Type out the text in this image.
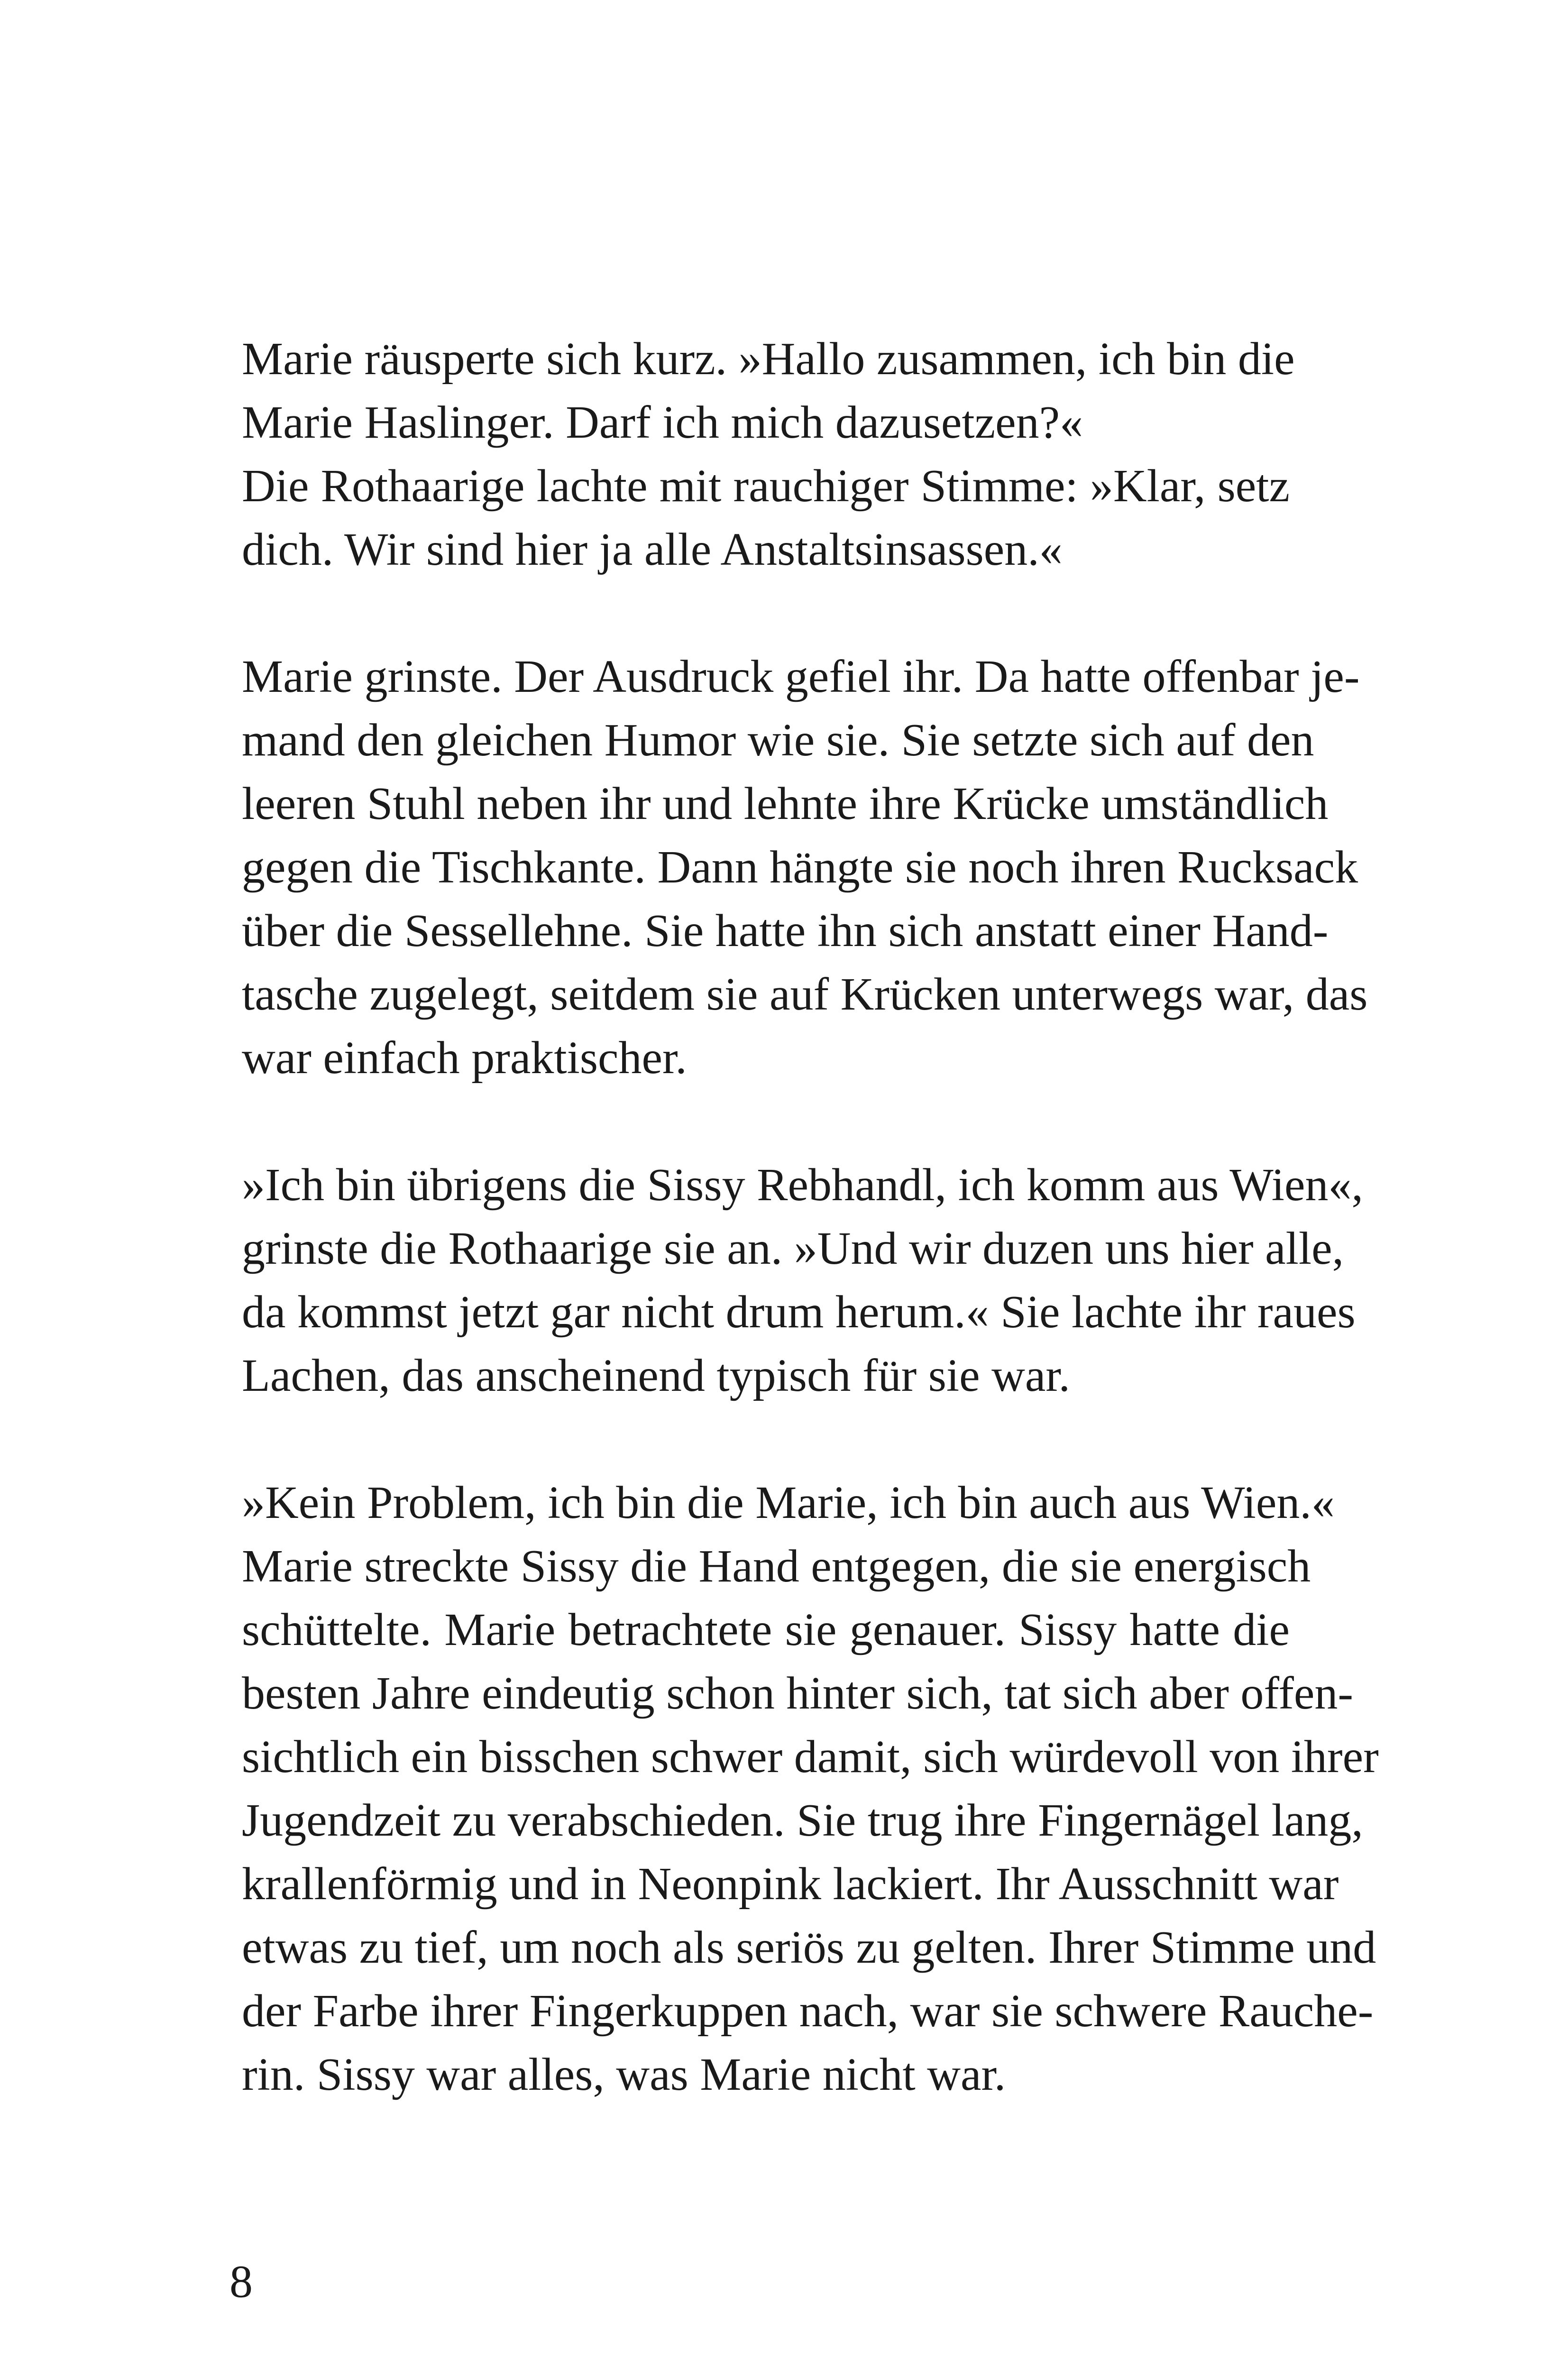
Marie räusperte sich kurz. »Hallo zusammen, ich bin die
Marie Haslinger. Darf ich mich dazusetzen?«
Die Rothaarige lachte mit rauchiger Stimme: »Klar, setz
dich. Wir sind hier ja alle Anstaltsinsassen.«
Marie grinste. Der Ausdruck gefiel ihr. Da hatte offenbar je-
mand den gleichen Humor wie sie. Sie setzte sich auf den
leeren Stuhl neben ihr und lehnte ihre Krücke umständlich
gegen die Tischkante. Dann hängte sie noch ihren Rucksack
über die Sessellehne. Sie hatte ihn sich anstatt einer Hand-
tasche zugelegt, seitdem sie auf Krücken unterwegs war, das
war einfach praktischer.
»Ich bin übrigens die Sissy Rebhandl, ich komm aus Wien«,
grinste die Rothaarige sie an. »Und wir duzen uns hier alle,
da kommst jetzt gar nicht drum herum.« Sie lachte ihr raues
Lachen, das anscheinend typisch für sie war.
»Kein Problem, ich bin die Marie, ich bin auch aus Wien.«
Marie streckte Sissy die Hand entgegen, die sie energisch
schüttelte. Marie betrachtete sie genauer. Sissy hatte die
besten Jahre eindeutig schon hinter sich, tat sich aber offen-
sichtlich ein bisschen schwer damit, sich würdevoll von ihrer
Jugendzeit zu verabschieden. Sie trug ihre Fingernägel lang,
krallenförmig und in Neonpink lackiert. Ihr Ausschnitt war
etwas zu tief, um noch als seriös zu gelten. Ihrer Stimme und
der Farbe ihrer Fingerkuppen nach, war sie schwere Rauche-
rin. Sissy war alles, was Marie nicht war.
8
